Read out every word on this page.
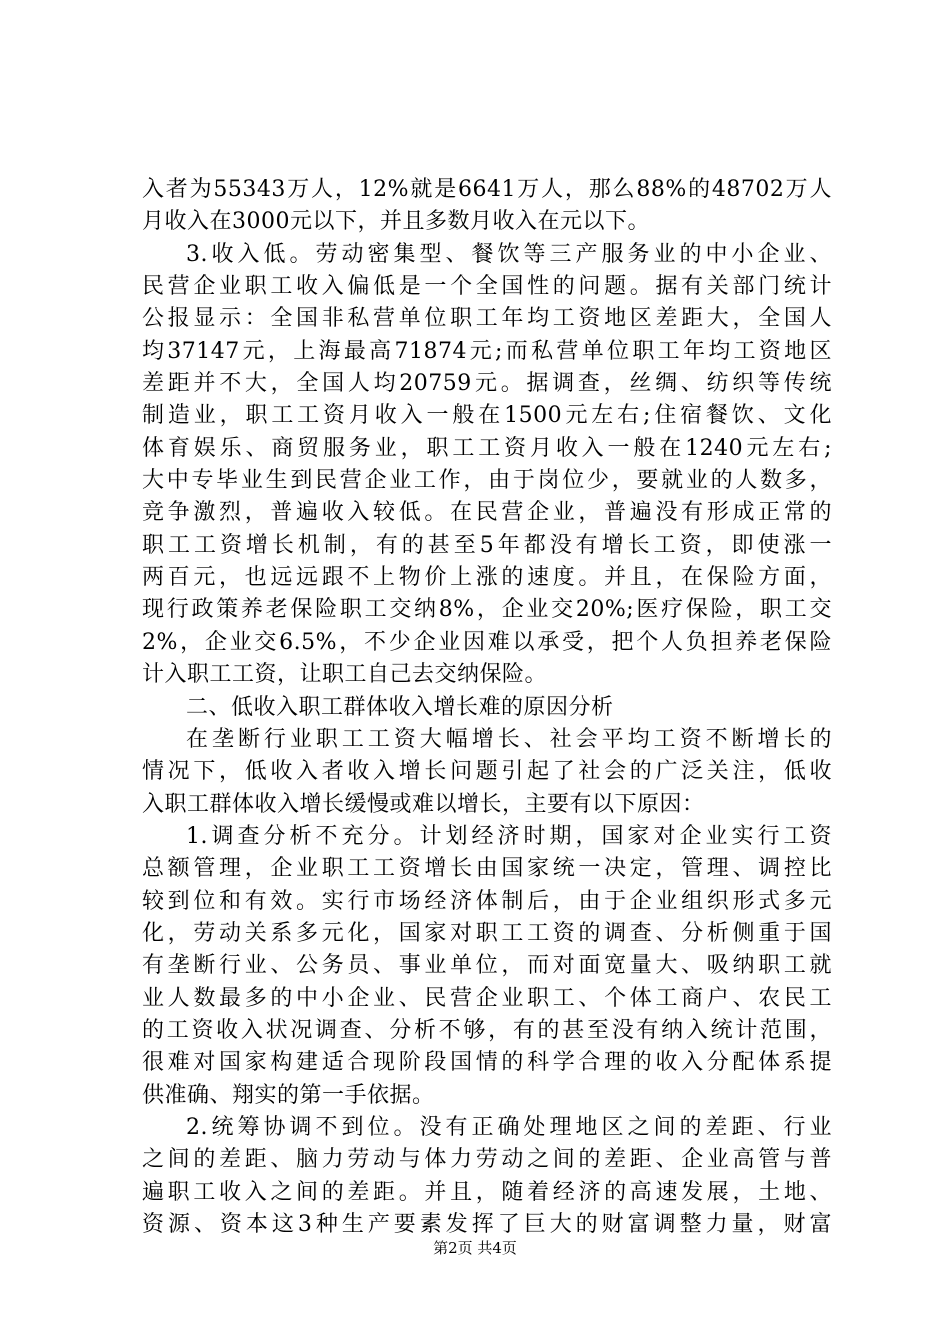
入者为55343万人，12%就是6641万人，那么88%的48702万人
月收入在3000元以下，并且多数月收入在元以下。
3.收入低。劳动密集型、餐饮等三产服务业的中小企业、
民营企业职工收入偏低是一个全国性的问题。据有关部门统计
公报显示：全国非私营单位职工年均工资地区差距大，全国人
均37147元，上海最高71874元;而私营单位职工年均工资地区
差距并不大，全国人均20759元。据调查，丝绸、纺织等传统
制造业，职工工资月收入一般在1500元左右;住宿餐饮、文化
体育娱乐、商贸服务业，职工工资月收入一般在1240元左右;
大中专毕业生到民营企业工作，由于岗位少，要就业的人数多，
竞争激烈，普遍收入较低。在民营企业，普遍没有形成正常的
职工工资增长机制，有的甚至5年都没有增长工资，即使涨一
两百元，也远远跟不上物价上涨的速度。并且，在保险方面，
现行政策养老保险职工交纳8%，企业交20%;医疗保险，职工交
2%，企业交6.5%，不少企业因难以承受，把个人负担养老保险
计入职工工资，让职工自己去交纳保险。
二、低收入职工群体收入增长难的原因分析
在垄断行业职工工资大幅增长、社会平均工资不断增长的
情况下，低收入者收入增长问题引起了社会的广泛关注，低收
入职工群体收入增长缓慢或难以增长，主要有以下原因：
1.调查分析不充分。计划经济时期，国家对企业实行工资
总额管理，企业职工工资增长由国家统一决定，管理、调控比
较到位和有效。实行市场经济体制后，由于企业组织形式多元
化，劳动关系多元化，国家对职工工资的调查、分析侧重于国
有垄断行业、公务员、事业单位，而对面宽量大、吸纳职工就
业人数最多的中小企业、民营企业职工、个体工商户、农民工
的工资收入状况调查、分析不够，有的甚至没有纳入统计范围，
很难对国家构建适合现阶段国情的科学合理的收入分配体系提
供准确、翔实的第一手依据。
2.统筹协调不到位。没有正确处理地区之间的差距、行业
之间的差距、脑力劳动与体力劳动之间的差距、企业高管与普
遍职工收入之间的差距。并且，随着经济的高速发展，土地、
资源、资本这3种生产要素发挥了巨大的财富调整力量，财富
第2页 共4页
